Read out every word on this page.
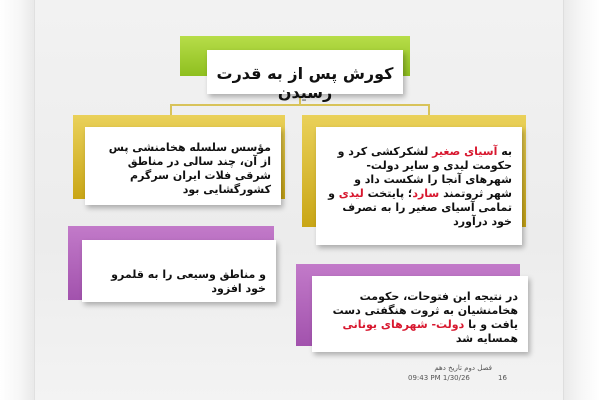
کورش پس از به قدرت رسیدن
به آسیای صغیر لشکرکشی کرد و حکومت لیدی و سایر دولت- شهرهای آنجا را شکست داد و شهر ثروتمند سارد؛ پایتخت لیدی و تمامی آسیای صغیر را به تصرف خود درآورد
مؤسس سلسله هخامنشی پس از آن، چند سالی در مناطق شرقی فلات ایران سرگرم کشورگشایی بود
و مناطق وسیعی را به قلمرو خود افزود
در نتیجه این فتوحات، حکومت هخامنشیان به ثروت هنگفتی دست یافت و با دولت- شهرهای یونانی همسایه شد
فصل دوم تاریخ دهم
09:43 PM 1/30/26	16
